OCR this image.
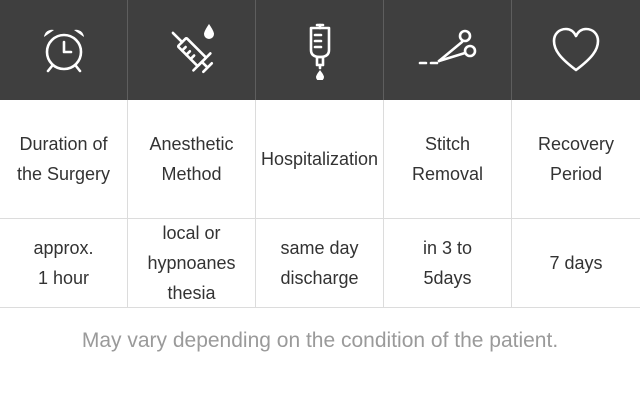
Duration of
the Surgery
Anesthetic
Method
Hospitalization
Stitch
Removal
Recovery
Period
approx.
1 hour
local or
hypnoanes
thesia
same day
discharge
in 3 to
5days
7 days
May vary depending on the condition of the patient.
